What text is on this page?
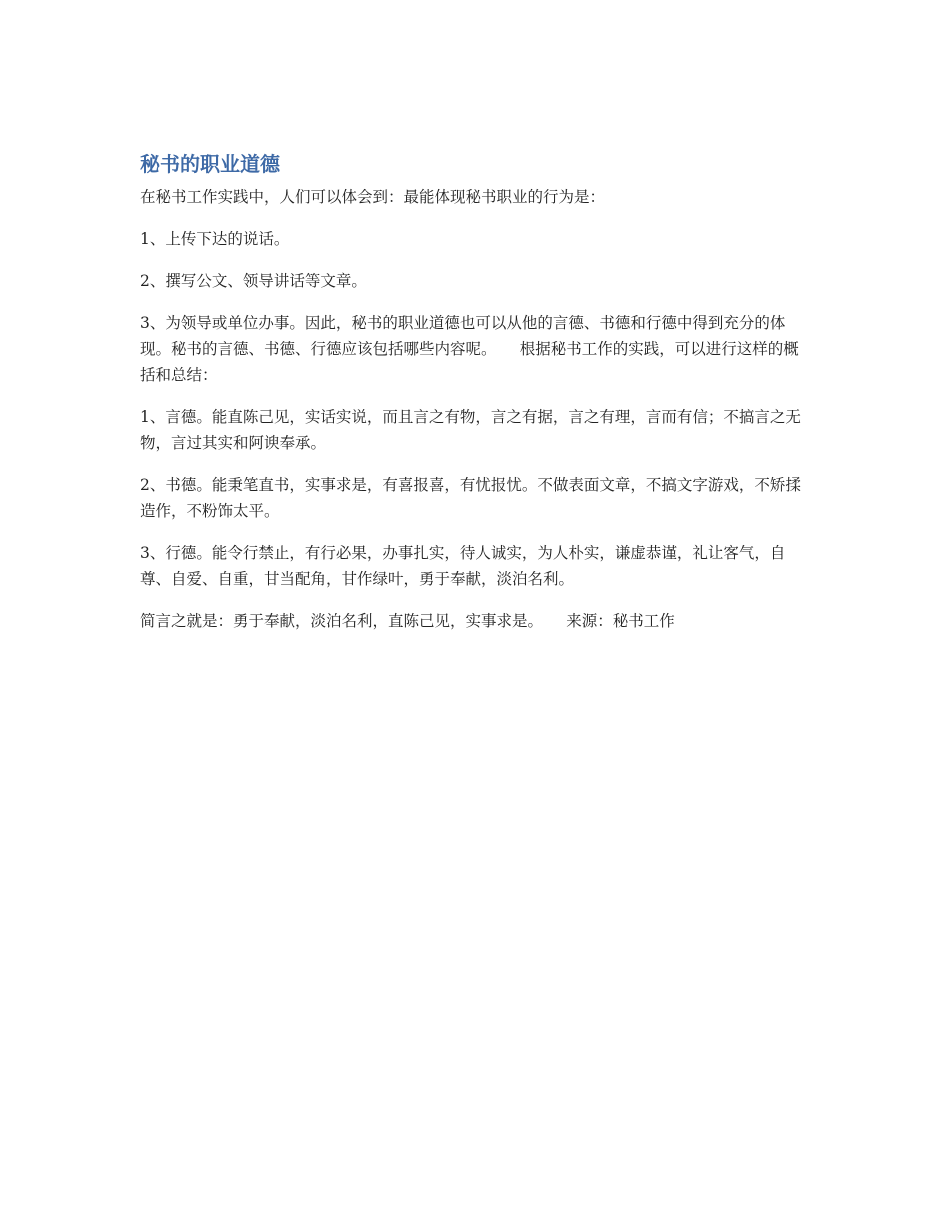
秘书的职业道德

在秘书工作实践中，人们可以体会到：最能体现秘书职业的行为是：

1、上传下达的说话。

2、撰写公文、领导讲话等文章。

3、为领导或单位办事。因此，秘书的职业道德也可以从他的言德、书德和行德中得到充分的体现。秘书的言德、书德、行德应该包括哪些内容呢。　　根据秘书工作的实践，可以进行这样的概括和总结：

1、言德。能直陈己见，实话实说，而且言之有物，言之有据，言之有理，言而有信；不搞言之无物，言过其实和阿谀奉承。

2、书德。能秉笔直书，实事求是，有喜报喜，有忧报忧。不做表面文章，不搞文字游戏，不矫揉造作，不粉饰太平。

3、行德。能令行禁止，有行必果，办事扎实，待人诚实，为人朴实，谦虚恭谨，礼让客气，自尊、自爱、自重，甘当配角，甘作绿叶，勇于奉献，淡泊名利。

简言之就是：勇于奉献，淡泊名利，直陈己见，实事求是。　　来源：秘书工作
